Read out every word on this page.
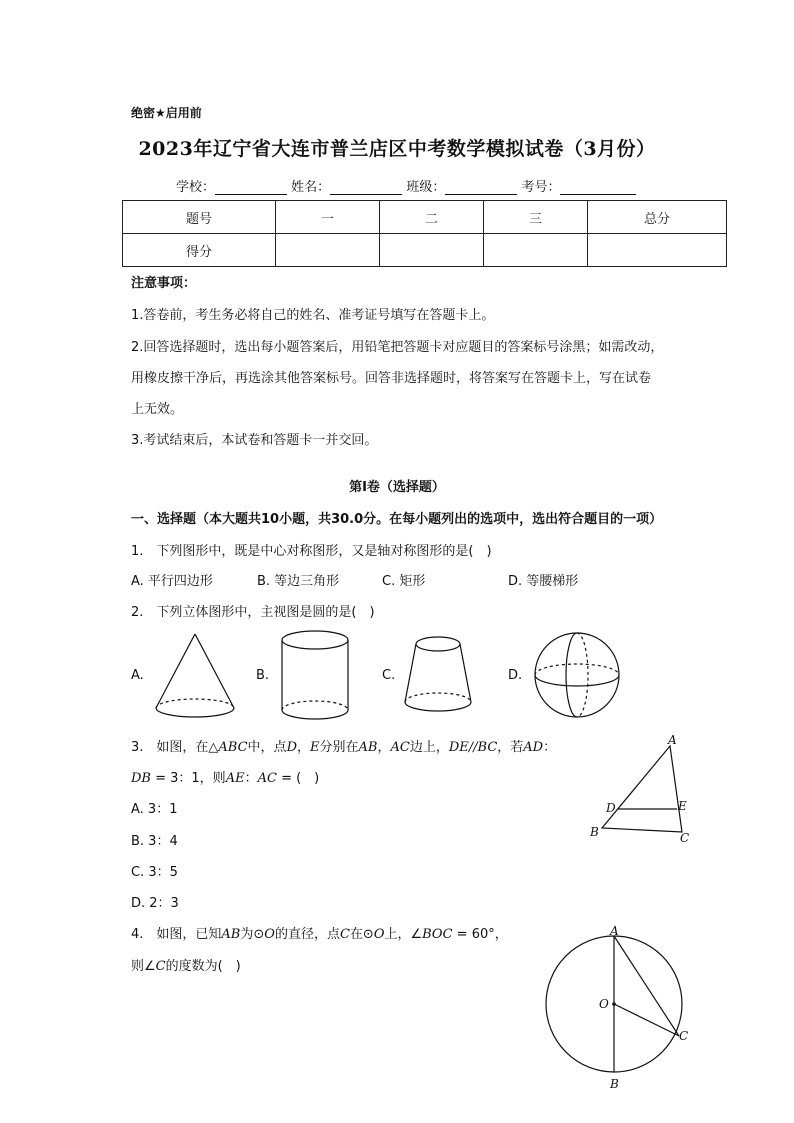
绝密★启用前
2023年辽宁省大连市普兰店区中考数学模拟试卷（3月份）
学校：	姓名：	班级：	考号：
题号	一	二	三	总分
得分				
注意事项：
1.答卷前，考生务必将自己的姓名、准考证号填写在答题卡上。
2.回答选择题时，选出每小题答案后，用铅笔把答题卡对应题目的答案标号涂黑；如需改动，
用橡皮擦干净后，再选涂其他答案标号。回答非选择题时，将答案写在答题卡上，写在试卷
上无效。
3.考试结束后，本试卷和答题卡一并交回。
第Ⅰ卷（选择题）
一、选择题（本大题共10小题，共30.0分。在每小题列出的选项中，选出符合题目的一项）
1.　下列图形中，既是中心对称图形，又是轴对称图形的是(　)
A. 平行四边形	B. 等边三角形	C. 矩形	D. 等腰梯形
2.　下列立体图形中，主视图是圆的是(　)
A.	B.	C.	D.
3.　如图，在△ABC中，点D，E分别在AB，AC边上，DE//BC，若AD：
DB = 3：1，则AE：AC = (　)
A. 3：1
B. 3：4
C. 3：5
D. 2：3
A
D	E
B	C
4.　如图，已知AB为⊙O的直径，点C在⊙O上，∠BOC = 60°，
则∠C的度数为(　)
A
O
C
B
